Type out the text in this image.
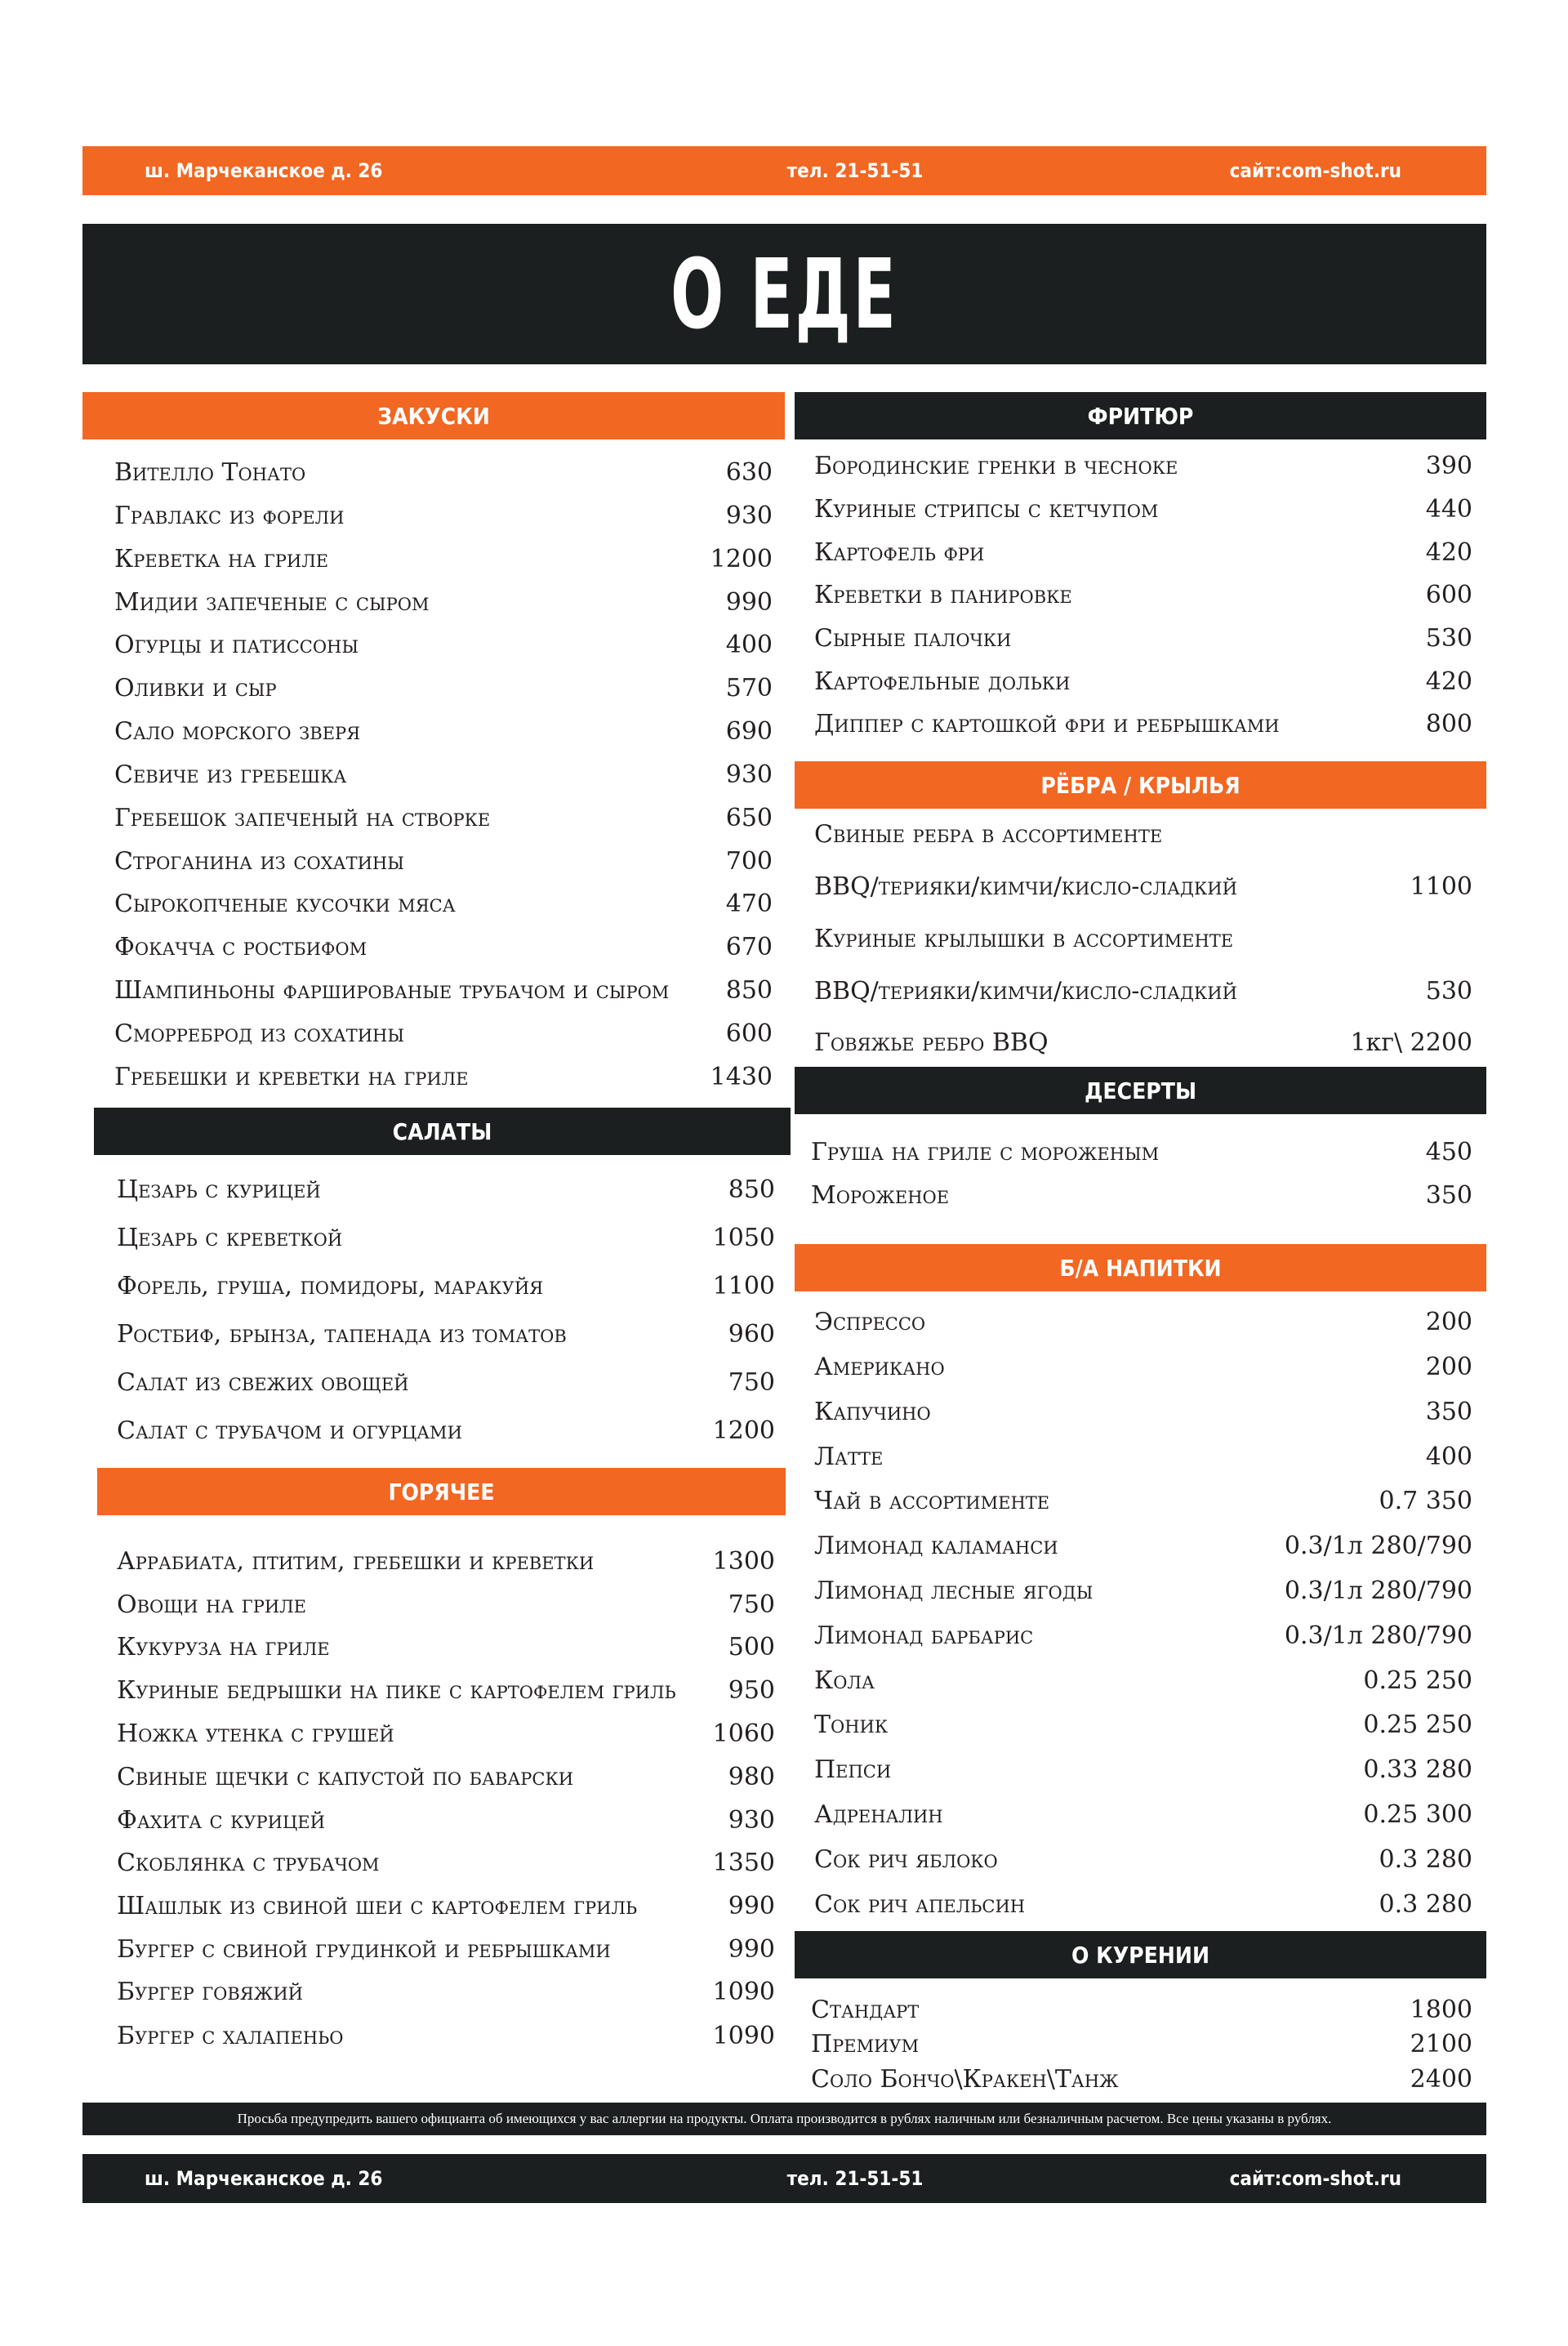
ш. Марчеканское д. 26	тел. 21-51-51	сайт:com-shot.ru
О ЕДЕ
ЗАКУСКИ
Вителло Тонато	630
Гравлакс из форели	930
Креветка на гриле	1200
Мидии запеченые с сыром	990
Огурцы и патиссоны	400
Оливки и сыр	570
Сало морского зверя	690
Севиче из гребешка	930
Гребешок запеченый на створке	650
Строганина из сохатины	700
Сырокопченые кусочки мяса	470
Фокачча с ростбифом	670
Шампиньоны фаршированые трубачом и сыром 850
Сморреброд из сохатины	600
Гребешки и креветки на гриле	1430
САЛАТЫ
Цезарь с курицей	850
Цезарь с креветкой	1050
Форель, груша, помидоры, маракуйя	1100
Ростбиф, брынза, тапенада из томатов	960
Салат из свежих овощей	750
Салат с трубачом и огурцами	1200
ГОРЯЧЕЕ
Аррабиата, птитим, гребешки и креветки	1300
Овощи на гриле	750
Кукуруза на гриле	500
Куриные бедрышки на пике с картофелем гриль 950
Ножка утенка с грушей	1060
Свиные щечки с капустой по баварски	980
Фахита с курицей	930
Скоблянка с трубачом	1350
Шашлык из свиной шеи с картофелем гриль	990
Бургер с свиной грудинкой и ребрышками	990
Бургер говяжий	1090
Бургер с халапеньо	1090
ФРИТЮР
Бородинские гренки в чесноке	390
Куриные стрипсы с кетчупом	440
Картофель фри	420
Креветки в панировке	600
Сырные палочки	530
Картофельные дольки	420
Диппер с картошкой фри и ребрышками	800
РЁБРА / КРЫЛЬЯ
Свиные ребра в ассортименте
BBQ/терияки/кимчи/кисло-сладкий	1100
Куриные крылышки в ассортименте
BBQ/терияки/кимчи/кисло-сладкий	530
Говяжье ребро BBQ	1кг\ 2200
ДЕСЕРТЫ
Груша на гриле с мороженым	450
Мороженое	350
Б/А НАПИТКИ
Эспрессо	200
Американо	200
Капучино	350
Латте	400
Чай в ассортименте	0.7 350
Лимонад каламанси	0.3/1л 280/790
Лимонад лесные ягоды	0.3/1л 280/790
Лимонад барбарис	0.3/1л 280/790
Кола	0.25 250
Тоник	0.25 250
Пепси	0.33 280
Адреналин	0.25 300
Сок рич яблоко	0.3 280
Сок рич апельсин	0.3 280
О КУРЕНИИ
Стандарт	1800
Премиум	2100
Соло Бончо\Кракен\Танж	2400
Просьба предупредить вашего официанта об имеющихся у вас аллергии на продукты. Оплата производится в рублях наличным или безналичным расчетом. Все цены указаны в рублях.
ш. Марчеканское д. 26	тел. 21-51-51	сайт:com-shot.ru
